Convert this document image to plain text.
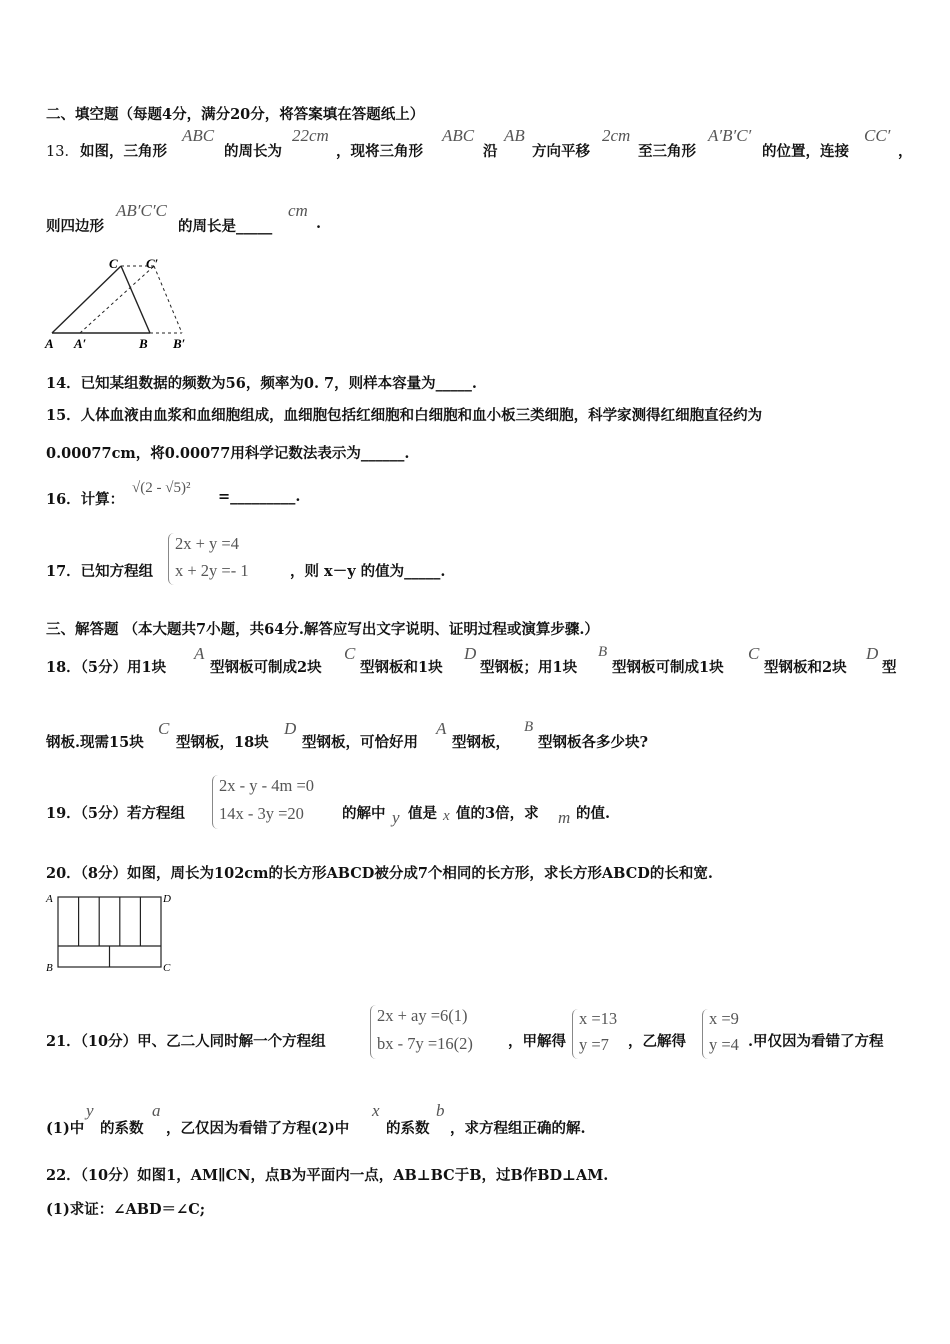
二、填空题（每题4分，满分20分，将答案填在答题纸上）
13． 如图，三角形
ABC
的周长为
22cm
，现将三角形
ABC
沿
AB
方向平移
2cm
至三角形
A′B′C′
的位置，连接
CC′
，
则四边形
AB′C′C
的周长是_____
cm
.
C C′
A A′	B B′
14．已知某组数据的频数为56，频率为0. 7，则样本容量为_____.
15．人体血液由血浆和血细胞组成，血细胞包括红细胞和白细胞和血小板三类细胞，科学家测得红细胞直径约为
0.00077cm，将0.00077用科学记数法表示为______.
16．计算：
√(2 - √5)² =_________.
17．已知方程组	，则 x－y 的值为_____.
2x + y =4
x + 2y =- 1
三、解答题 （本大题共7小题，共64分.解答应写出文字说明、证明过程或演算步骤.）
18．（5分）用1块
A
型钢板可制成2块
C
型钢板和1块
D
型钢板；用1块
B
型钢板可制成1块
C
型钢板和2块
D
型
钢板.现需15块
C
型钢板，18块
D
型钢板，可恰好用
A
型钢板，
B
型钢板各多少块?
19．（5分）若方程组	的解中 y 值是 x 值的3倍，求 m 的值.
2x - y - 4m =0
14x - 3y =20
20．（8分）如图，周长为102cm的长方形ABCD被分成7个相同的长方形，求长方形ABCD的长和宽.
A
B	C
D
21．（10分）甲、乙二人同时解一个方程组	，甲解得	，乙解得	.甲仅因为看错了方程
2x + ay =6(1)
bx - 7y =16(2)
x =13
y =7
x =9
y =4
(1)中
y
的系数
a
，乙仅因为看错了方程(2)中
x
的系数
b
，求方程组正确的解.
22．（10分）如图1，AM∥CN，点B为平面内一点，AB⊥BC于B，过B作BD⊥AM.
(1)求证：∠ABD＝∠C;
